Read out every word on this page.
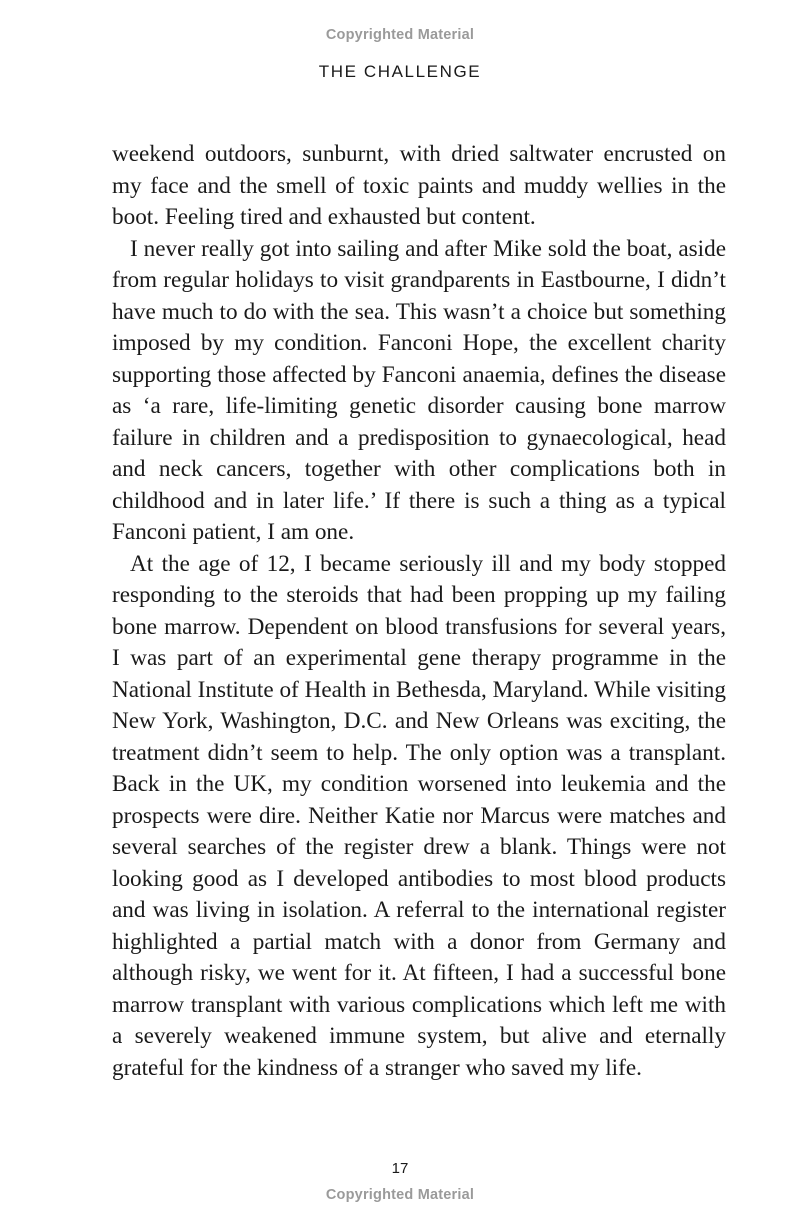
Copyrighted Material
THE CHALLENGE

weekend outdoors, sunburnt, with dried saltwater encrusted on my face and the smell of toxic paints and muddy wellies in the boot. Feeling tired and exhausted but content.

I never really got into sailing and after Mike sold the boat, aside from regular holidays to visit grandparents in Eastbourne, I didn’t have much to do with the sea. This wasn’t a choice but something imposed by my condition. Fanconi Hope, the excellent charity supporting those affected by Fanconi anaemia, defines the disease as ‘a rare, life-limiting genetic disorder causing bone marrow failure in children and a predisposition to gynaecological, head and neck cancers, together with other complications both in childhood and in later life.’ If there is such a thing as a typical Fanconi patient, I am one.

At the age of 12, I became seriously ill and my body stopped responding to the steroids that had been propping up my failing bone marrow. Dependent on blood transfusions for several years, I was part of an experimental gene therapy programme in the National Institute of Health in Bethesda, Maryland. While visiting New York, Washington, D.C. and New Orleans was exciting, the treatment didn’t seem to help. The only option was a transplant. Back in the UK, my condition worsened into leukemia and the prospects were dire. Neither Katie nor Marcus were matches and several searches of the register drew a blank. Things were not looking good as I developed antibodies to most blood products and was living in isolation. A referral to the international register highlighted a partial match with a donor from Germany and although risky, we went for it. At fifteen, I had a successful bone marrow transplant with various complications which left me with a severely weakened immune system, but alive and eternally grateful for the kindness of a stranger who saved my life.

17
Copyrighted Material
